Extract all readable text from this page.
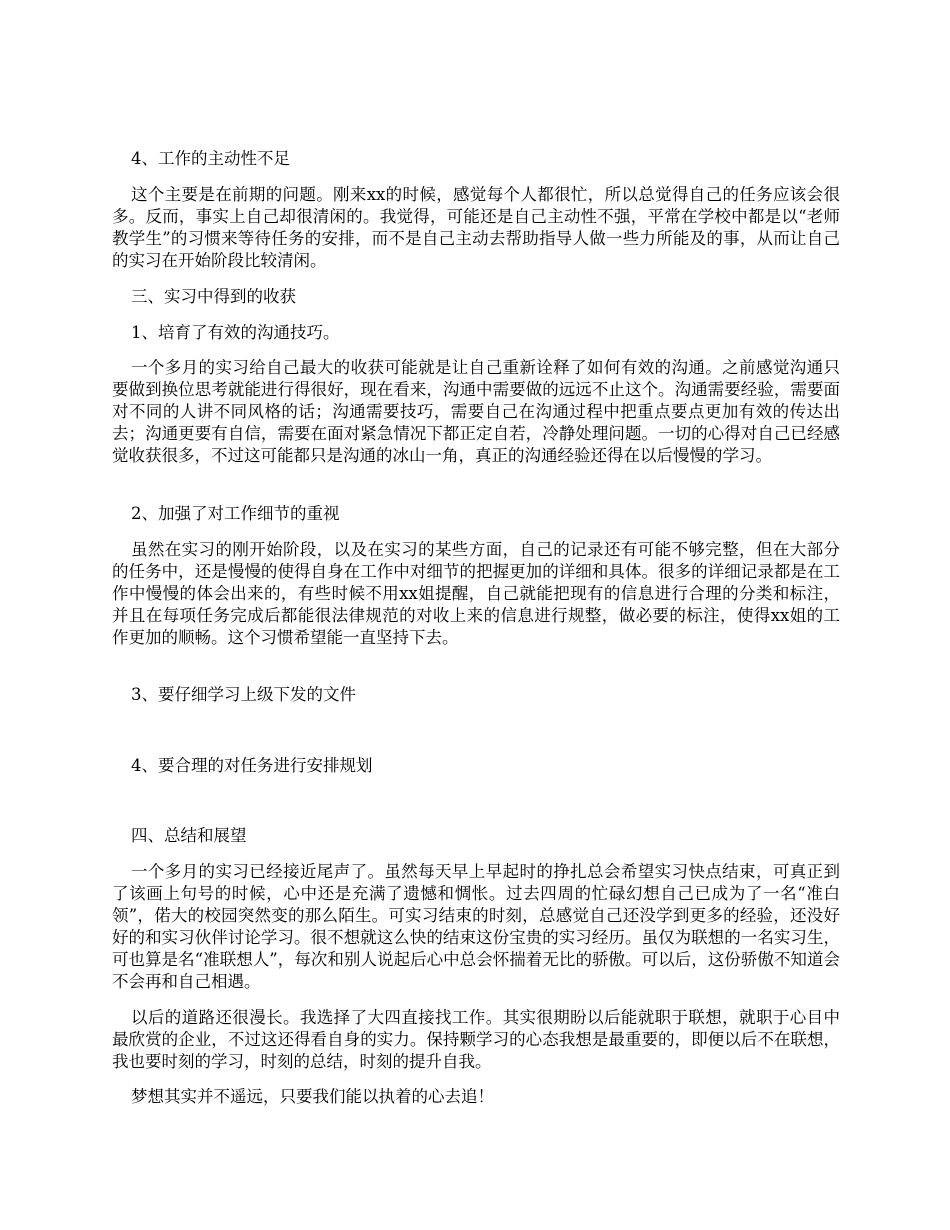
4、工作的主动性不足
这个主要是在前期的问题。刚来xx的时候，感觉每个人都很忙，所以总觉得自己的任务应该会很多。反而，事实上自己却很清闲的。我觉得，可能还是自己主动性不强，平常在学校中都是以“老师教学生”的习惯来等待任务的安排，而不是自己主动去帮助指导人做一些力所能及的事，从而让自己的实习在开始阶段比较清闲。
三、实习中得到的收获
1、培育了有效的沟通技巧。
一个多月的实习给自己最大的收获可能就是让自己重新诠释了如何有效的沟通。之前感觉沟通只要做到换位思考就能进行得很好，现在看来，沟通中需要做的远远不止这个。沟通需要经验，需要面对不同的人讲不同风格的话；沟通需要技巧，需要自己在沟通过程中把重点要点更加有效的传达出去；沟通更要有自信，需要在面对紧急情况下都正定自若，冷静处理问题。一切的心得对自己已经感觉收获很多，不过这可能都只是沟通的冰山一角，真正的沟通经验还得在以后慢慢的学习。
2、加强了对工作细节的重视
虽然在实习的刚开始阶段，以及在实习的某些方面，自己的记录还有可能不够完整，但在大部分的任务中，还是慢慢的使得自身在工作中对细节的把握更加的详细和具体。很多的详细记录都是在工作中慢慢的体会出来的，有些时候不用xx姐提醒，自己就能把现有的信息进行合理的分类和标注，并且在每项任务完成后都能很法律规范的对收上来的信息进行规整，做必要的标注，使得xx姐的工作更加的顺畅。这个习惯希望能一直坚持下去。
3、要仔细学习上级下发的文件
4、要合理的对任务进行安排规划
四、总结和展望
一个多月的实习已经接近尾声了。虽然每天早上早起时的挣扎总会希望实习快点结束，可真正到了该画上句号的时候，心中还是充满了遗憾和惆怅。过去四周的忙碌幻想自己已成为了一名“准白领”，偌大的校园突然变的那么陌生。可实习结束的时刻，总感觉自己还没学到更多的经验，还没好好的和实习伙伴讨论学习。很不想就这么快的结束这份宝贵的实习经历。虽仅为联想的一名实习生，可也算是名“准联想人”，每次和别人说起后心中总会怀揣着无比的骄傲。可以后，这份骄傲不知道会不会再和自己相遇。
以后的道路还很漫长。我选择了大四直接找工作。其实很期盼以后能就职于联想，就职于心目中最欣赏的企业，不过这还得看自身的实力。保持颗学习的心态我想是最重要的，即便以后不在联想，我也要时刻的学习，时刻的总结，时刻的提升自我。
梦想其实并不遥远，只要我们能以执着的心去追！
